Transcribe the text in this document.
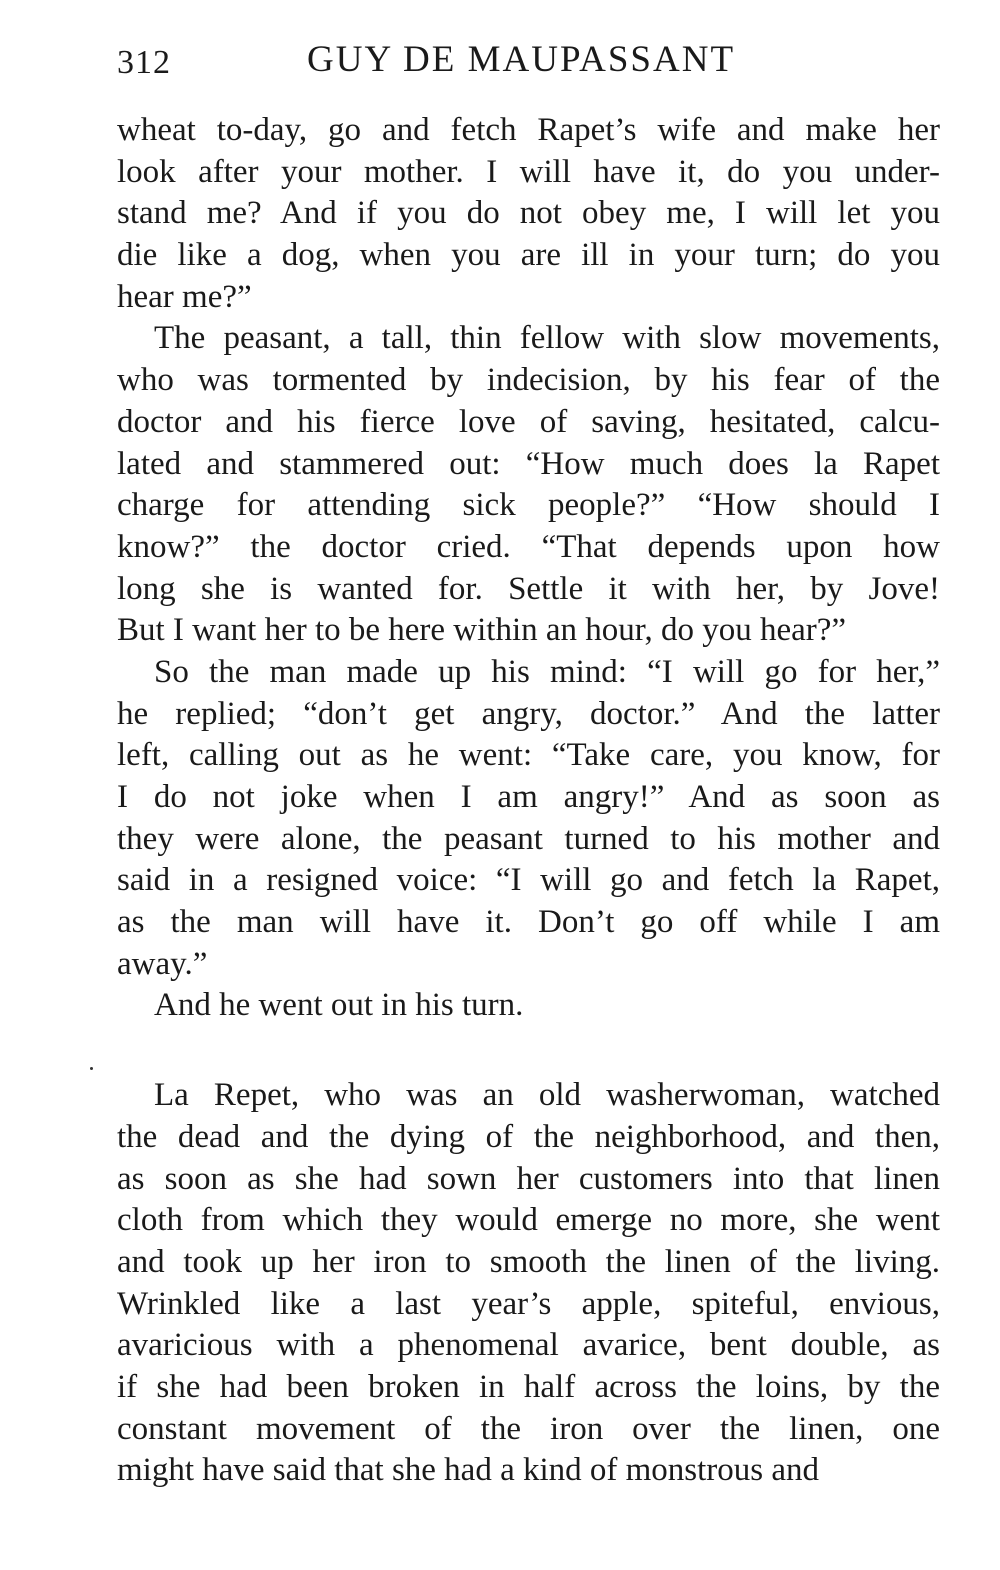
312	GUY DE MAUPASSANT
wheat to-day, go and fetch Rapet’s wife and make her
look after your mother. I will have it, do you under-
stand me? And if you do not obey me, I will let you
die like a dog, when you are ill in your turn; do you
hear me?”
The peasant, a tall, thin fellow with slow movements,
who was tormented by indecision, by his fear of the
doctor and his fierce love of saving, hesitated, calcu-
lated and stammered out: “How much does la Rapet
charge for attending sick people?” “How should I
know?” the doctor cried. “That depends upon how
long she is wanted for. Settle it with her, by Jove!
But I want her to be here within an hour, do you hear?”
So the man made up his mind: “I will go for her,”
he replied; “don’t get angry, doctor.” And the latter
left, calling out as he went: “Take care, you know, for
I do not joke when I am angry!” And as soon as
they were alone, the peasant turned to his mother and
said in a resigned voice: “I will go and fetch la Rapet,
as the man will have it. Don’t go off while I am
away.”
And he went out in his turn.
La Repet, who was an old washerwoman, watched
the dead and the dying of the neighborhood, and then,
as soon as she had sown her customers into that linen
cloth from which they would emerge no more, she went
and took up her iron to smooth the linen of the living.
Wrinkled like a last year’s apple, spiteful, envious,
avaricious with a phenomenal avarice, bent double, as
if she had been broken in half across the loins, by the
constant movement of the iron over the linen, one
might have said that she had a kind of monstrous and
